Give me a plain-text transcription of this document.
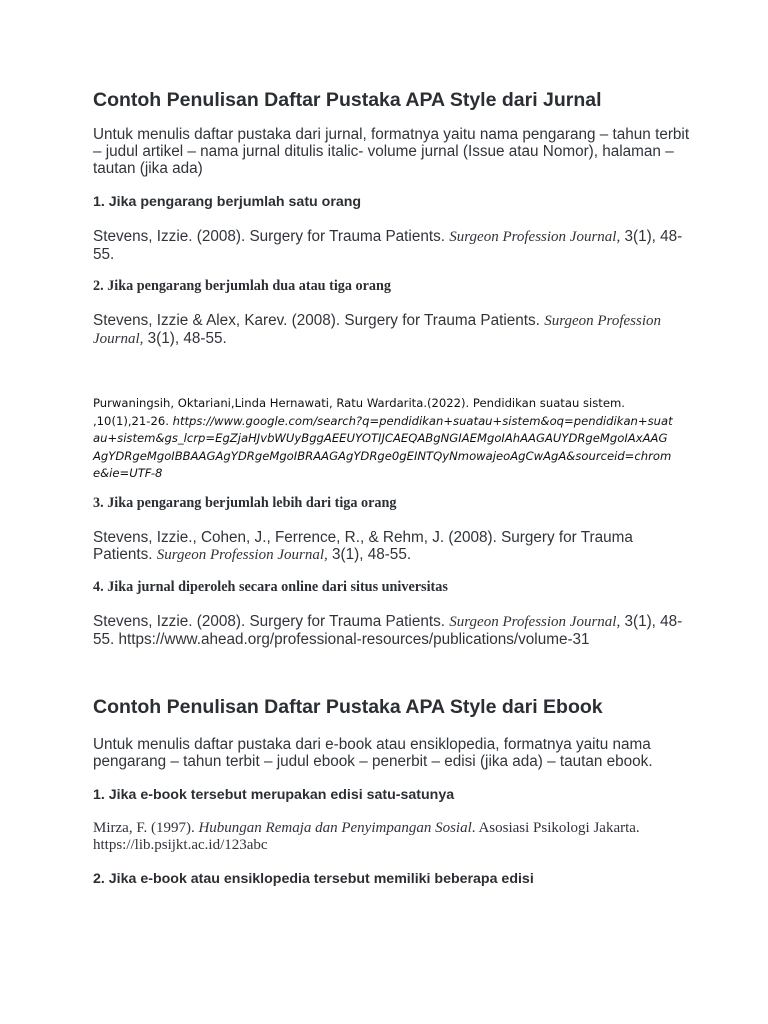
Contoh Penulisan Daftar Pustaka APA Style dari Jurnal

Untuk menulis daftar pustaka dari jurnal, formatnya yaitu nama pengarang – tahun terbit – judul artikel – nama jurnal ditulis italic- volume jurnal (Issue atau Nomor), halaman – tautan (jika ada)

1. Jika pengarang berjumlah satu orang

Stevens, Izzie. (2008). Surgery for Trauma Patients. Surgeon Profession Journal, 3(1), 48-55.

2. Jika pengarang berjumlah dua atau tiga orang

Stevens, Izzie & Alex, Karev. (2008). Surgery for Trauma Patients. Surgeon Profession Journal, 3(1), 48-55.

Purwaningsih, Oktariani,Linda Hernawati, Ratu Wardarita.(2022). Pendidikan suatau sistem.
,10(1),21-26. https://www.google.com/search?q=pendidikan+suatau+sistem&oq=pendidikan+suatau+sistem&gs_lcrp=EgZjaHJvbWUyBggAEEUYOTIJCAEQABgNGIAEMgoIAhAAGAUYDRgeMgoIAxAAGAgYDRgeMgoIBBAAGAgYDRgeMgoIBRAAGAgYDRge0gEINTQyNmowajeoAgCwAgA&sourceid=chrome&ie=UTF-8
3. Jika pengarang berjumlah lebih dari tiga orang

Stevens, Izzie., Cohen, J., Ferrence, R., & Rehm, J. (2008). Surgery for Trauma Patients. Surgeon Profession Journal, 3(1), 48-55.

4. Jika jurnal diperoleh secara online dari situs universitas

Stevens, Izzie. (2008). Surgery for Trauma Patients. Surgeon Profession Journal, 3(1), 48-55. https://www.ahead.org/professional-resources/publications/volume-31

Contoh Penulisan Daftar Pustaka APA Style dari Ebook

Untuk menulis daftar pustaka dari e-book atau ensiklopedia, formatnya yaitu nama pengarang – tahun terbit – judul ebook – penerbit – edisi (jika ada) – tautan ebook.

1. Jika e-book tersebut merupakan edisi satu-satunya

Mirza, F. (1997). Hubungan Remaja dan Penyimpangan Sosial. Asosiasi Psikologi Jakarta. https://lib.psijkt.ac.id/123abc

2. Jika e-book atau ensiklopedia tersebut memiliki beberapa edisi
